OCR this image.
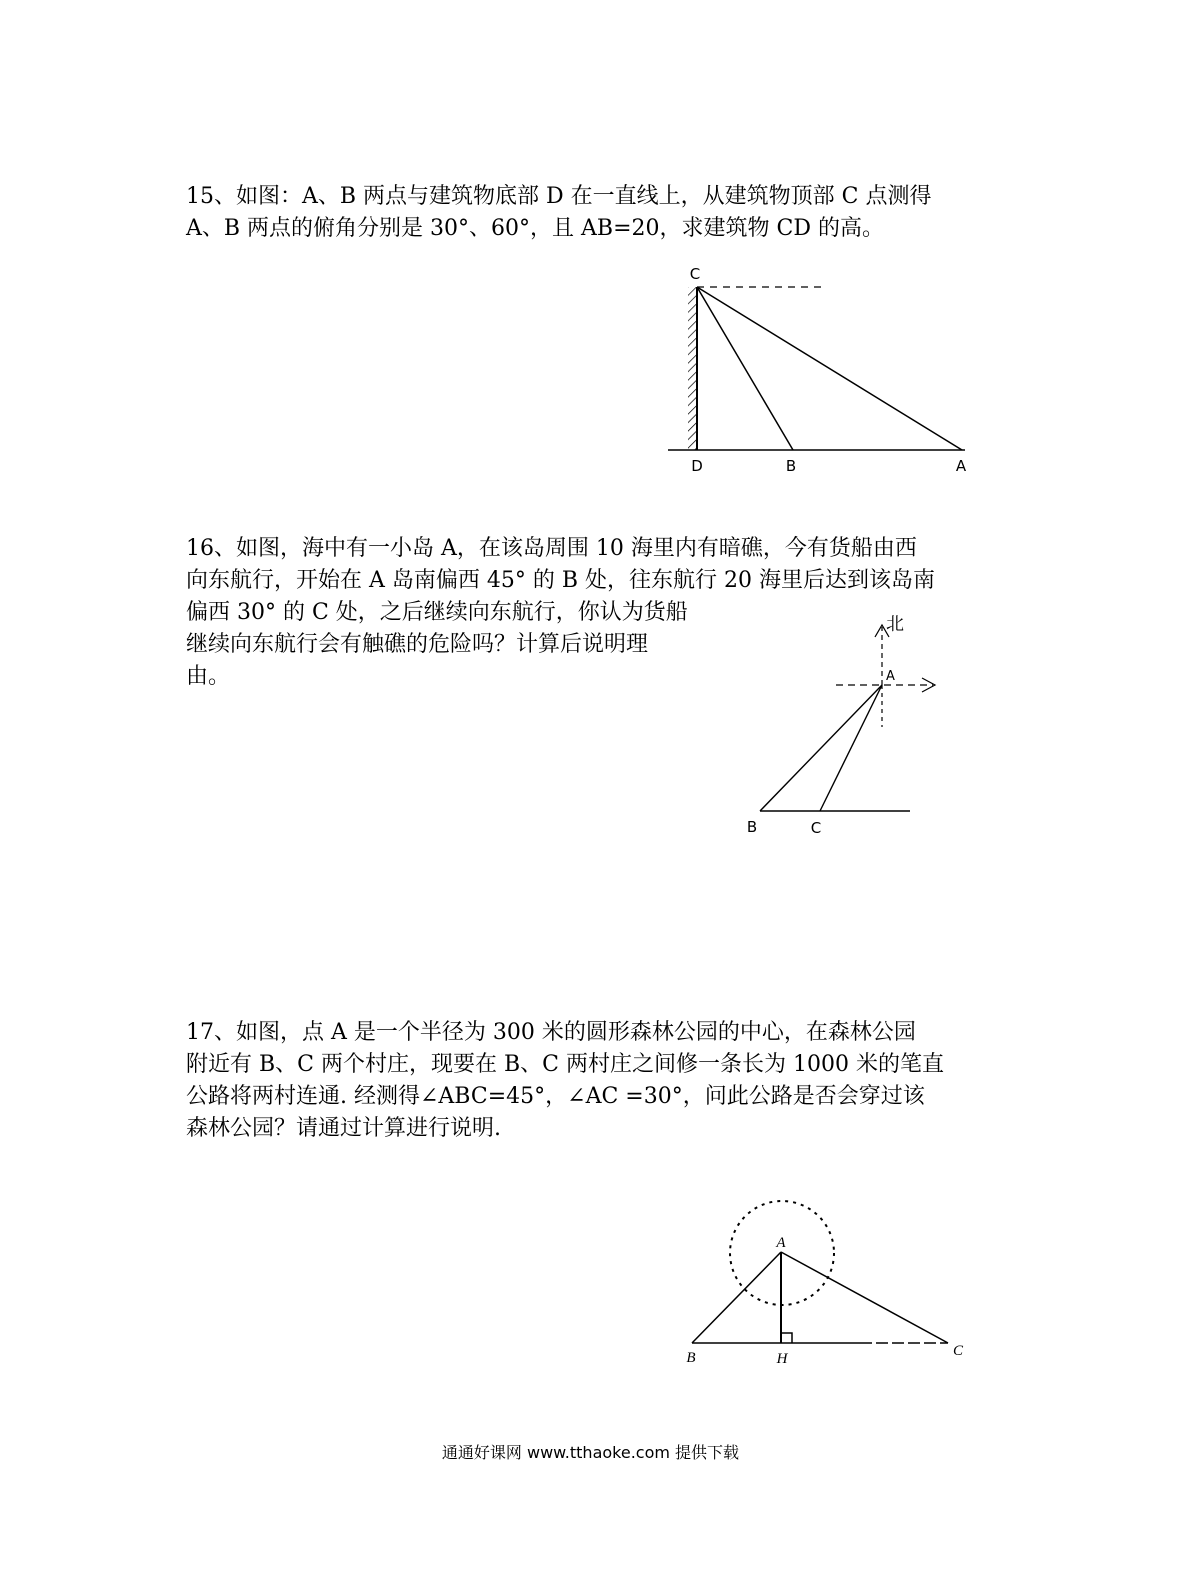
15、如图：A、B 两点与建筑物底部 D 在一直线上，从建筑物顶部 C 点测得
A、B 两点的俯角分别是 30°、60°，且 AB=20，求建筑物 CD 的高。
C
D	B	A
16、如图，海中有一小岛 A，在该岛周围 10 海里内有暗礁，今有货船由西
向东航行，开始在 A 岛南偏西 45° 的 B 处，往东航行 20 海里后达到该岛南
偏西 30° 的 C 处，之后继续向东航行，你认为货船
继续向东航行会有触礁的危险吗？计算后说明理
由。
北
A
B	C
17、如图，点 A 是一个半径为 300 米的圆形森林公园的中心，在森林公园
附近有 B、C 两个村庄，现要在 B、C 两村庄之间修一条长为 1000 米的笔直
公路将两村连通. 经测得∠ABC=45°，∠AC =30°，问此公路是否会穿过该
森林公园？请通过计算进行说明.
A
B	H	C
通通好课网 www.tthaoke.com 提供下载
